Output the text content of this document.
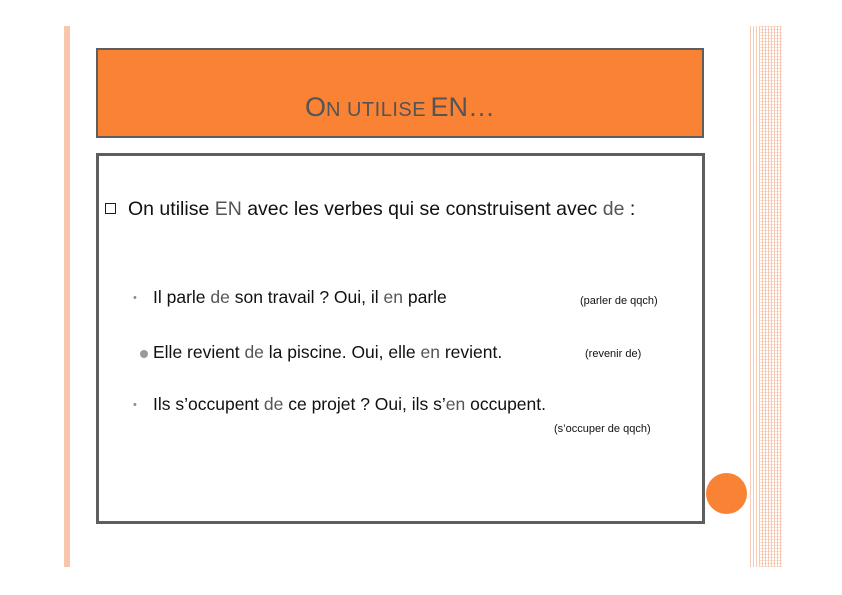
ON UTILISE EN…
On utilise EN avec les verbes qui se construisent avec de :
• Il parle de son travail ? Oui, il en parle	(parler de qqch)
Elle revient de la piscine. Oui, elle en revient.	(revenir de)
• Ils s’occupent de ce projet ? Oui, ils s’en occupent.
(s’occuper de qqch)
